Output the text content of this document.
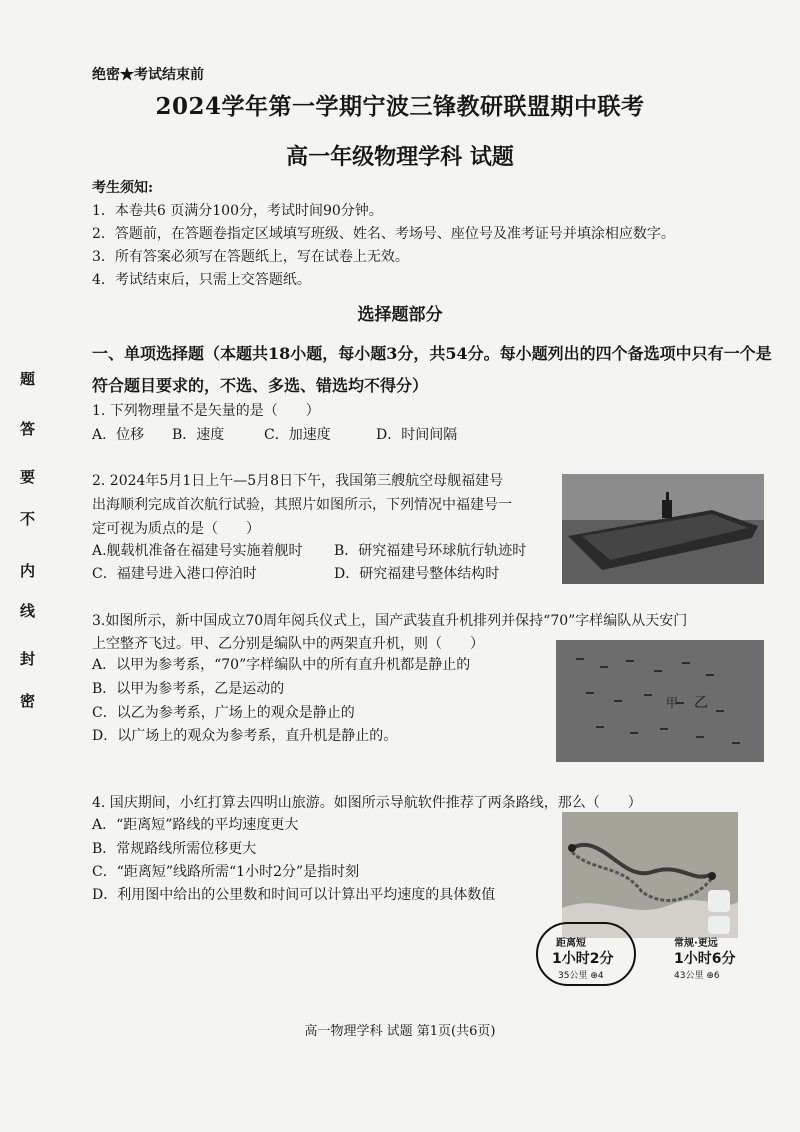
绝密★考试结束前
2024学年第一学期宁波三锋教研联盟期中联考
高一年级物理学科 试题
考生须知:
1．本卷共6 页满分100分，考试时间90分钟。
2．答题前，在答题卷指定区域填写班级、姓名、考场号、座位号及准考证号并填涂相应数字。
3．所有答案必须写在答题纸上，写在试卷上无效。
4．考试结束后，只需上交答题纸。
选择题部分
一、单项选择题（本题共18小题，每小题3分，共54分。每小题列出的四个备选项中只有一个是符合题目要求的，不选、多选、错选均不得分）
题
答
要
不
内
线
封
密
1. 下列物理量不是矢量的是（　　）
A．位移 B．速度	C．加速度	D．时间间隔
2. 2024年5月1日上午—5月8日下午，我国第三艘航空母舰福建号
出海顺利完成首次航行试验，其照片如图所示，下列情况中福建号一
定可视为质点的是（　　）
A.舰载机准备在福建号实施着舰时 B．研究福建号环球航行轨迹时
C．福建号进入港口停泊时	D．研究福建号整体结构时
3.如图所示，新中国成立70周年阅兵仪式上，国产武装直升机排列并保持“70”字样编队从天安门
上空整齐飞过。甲、乙分别是编队中的两架直升机，则（　　）
A．以甲为参考系，“70”字样编队中的所有直升机都是静止的
B．以甲为参考系，乙是运动的
C．以乙为参考系，广场上的观众是静止的
D．以广场上的观众为参考系，直升机是静止的。
甲 乙
4. 国庆期间，小红打算去四明山旅游。如图所示导航软件推荐了两条路线，那么（　　）
A．“距离短”路线的平均速度更大
B．常规路线所需位移更大
C．“距离短”线路所需“1小时2分”是指时刻
D．利用图中给出的公里数和时间可以计算出平均速度的具体数值
距离短
1小时2分
35公里 ⊕4
常规·更远
1小时6分
43公里 ⊕6
高一物理学科 试题 第1页(共6页)
